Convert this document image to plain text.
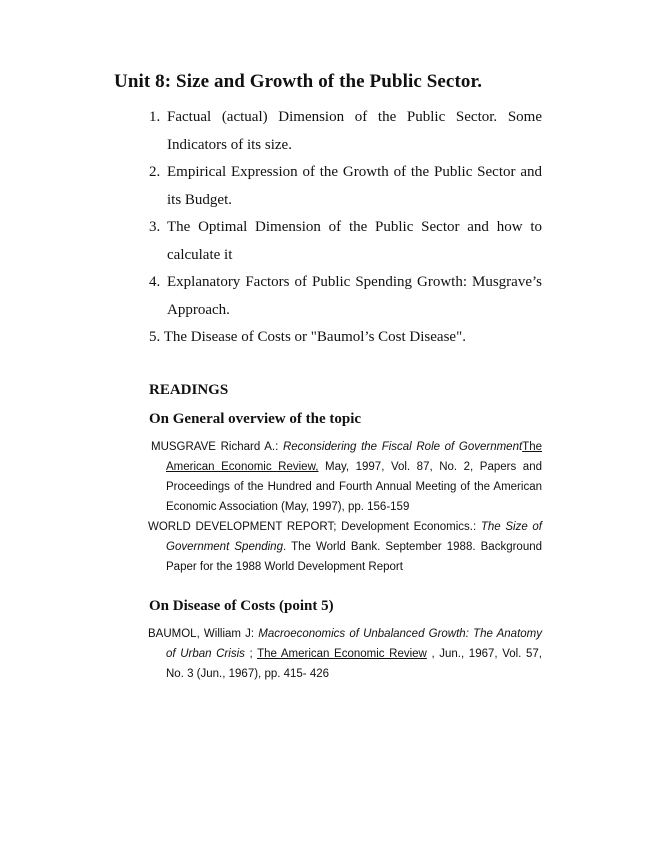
Unit 8: Size and Growth of the Public Sector.
1. Factual (actual) Dimension of the Public Sector. Some Indicators of its size.
2. Empirical Expression of the Growth of the Public Sector and its Budget.
3. The Optimal Dimension of the Public Sector and how to calculate it
4. Explanatory Factors of Public Spending Growth: Musgrave’s Approach.
5. The Disease of Costs or "Baumol’s Cost Disease".
READINGS
On General overview of the topic

MUSGRAVE Richard A.: Reconsidering the Fiscal Role of GovernmentThe American Economic Review, May, 1997, Vol. 87, No. 2, Papers and Proceedings of the Hundred and Fourth Annual Meeting of the American Economic Association (May, 1997), pp. 156-159

WORLD DEVELOPMENT REPORT; Development Economics.: The Size of Government Spending. The World Bank. September 1988. Background Paper for the 1988 World Development Report

On Disease of Costs (point 5)

BAUMOL, William J: Macroeconomics of Unbalanced Growth: The Anatomy of Urban Crisis ; The American Economic Review , Jun., 1967, Vol. 57, No. 3 (Jun., 1967), pp. 415- 426
